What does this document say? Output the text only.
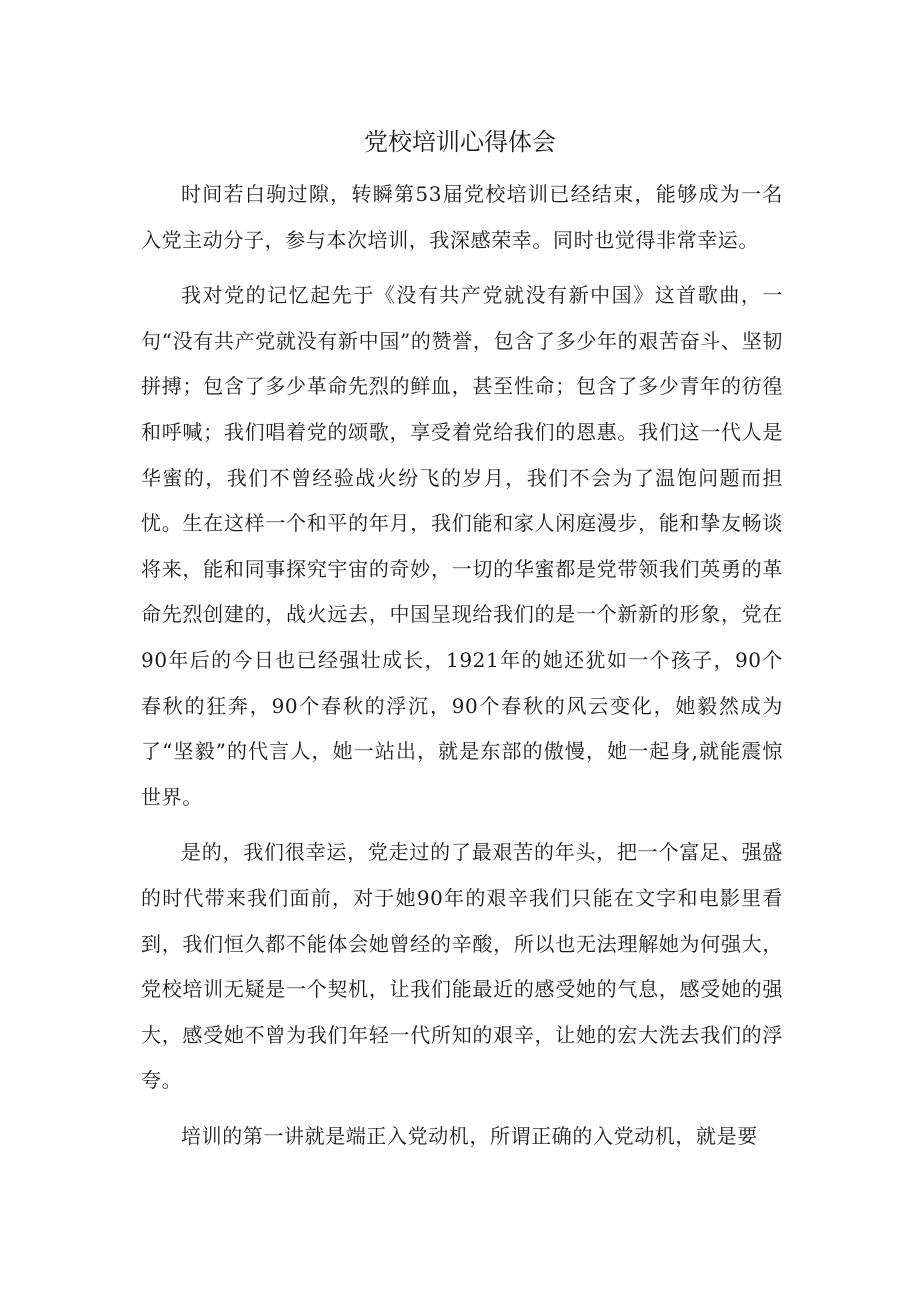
党校培训心得体会

时间若白驹过隙，转瞬第53届党校培训已经结束，能够成为一名入党主动分子，参与本次培训，我深感荣幸。同时也觉得非常幸运。

我对党的记忆起先于《没有共产党就没有新中国》这首歌曲，一句“没有共产党就没有新中国”的赞誉，包含了多少年的艰苦奋斗、坚韧拼搏；包含了多少革命先烈的鲜血，甚至性命；包含了多少青年的彷徨和呼喊；我们唱着党的颂歌，享受着党给我们的恩惠。我们这一代人是华蜜的，我们不曾经验战火纷飞的岁月，我们不会为了温饱问题而担忧。生在这样一个和平的年月，我们能和家人闲庭漫步，能和挚友畅谈将来，能和同事探究宇宙的奇妙，一切的华蜜都是党带领我们英勇的革命先烈创建的，战火远去，中国呈现给我们的是一个新新的形象，党在90年后的今日也已经强壮成长，1921年的她还犹如一个孩子，90个春秋的狂奔，90个春秋的浮沉，90个春秋的风云变化，她毅然成为了“坚毅”的代言人，她一站出，就是东部的傲慢，她一起身,就能震惊世界。

是的，我们很幸运，党走过的了最艰苦的年头，把一个富足、强盛的时代带来我们面前，对于她90年的艰辛我们只能在文字和电影里看到，我们恒久都不能体会她曾经的辛酸，所以也无法理解她为何强大，党校培训无疑是一个契机，让我们能最近的感受她的气息，感受她的强大，感受她不曾为我们年轻一代所知的艰辛，让她的宏大洗去我们的浮夸。

培训的第一讲就是端正入党动机，所谓正确的入党动机，就是要
